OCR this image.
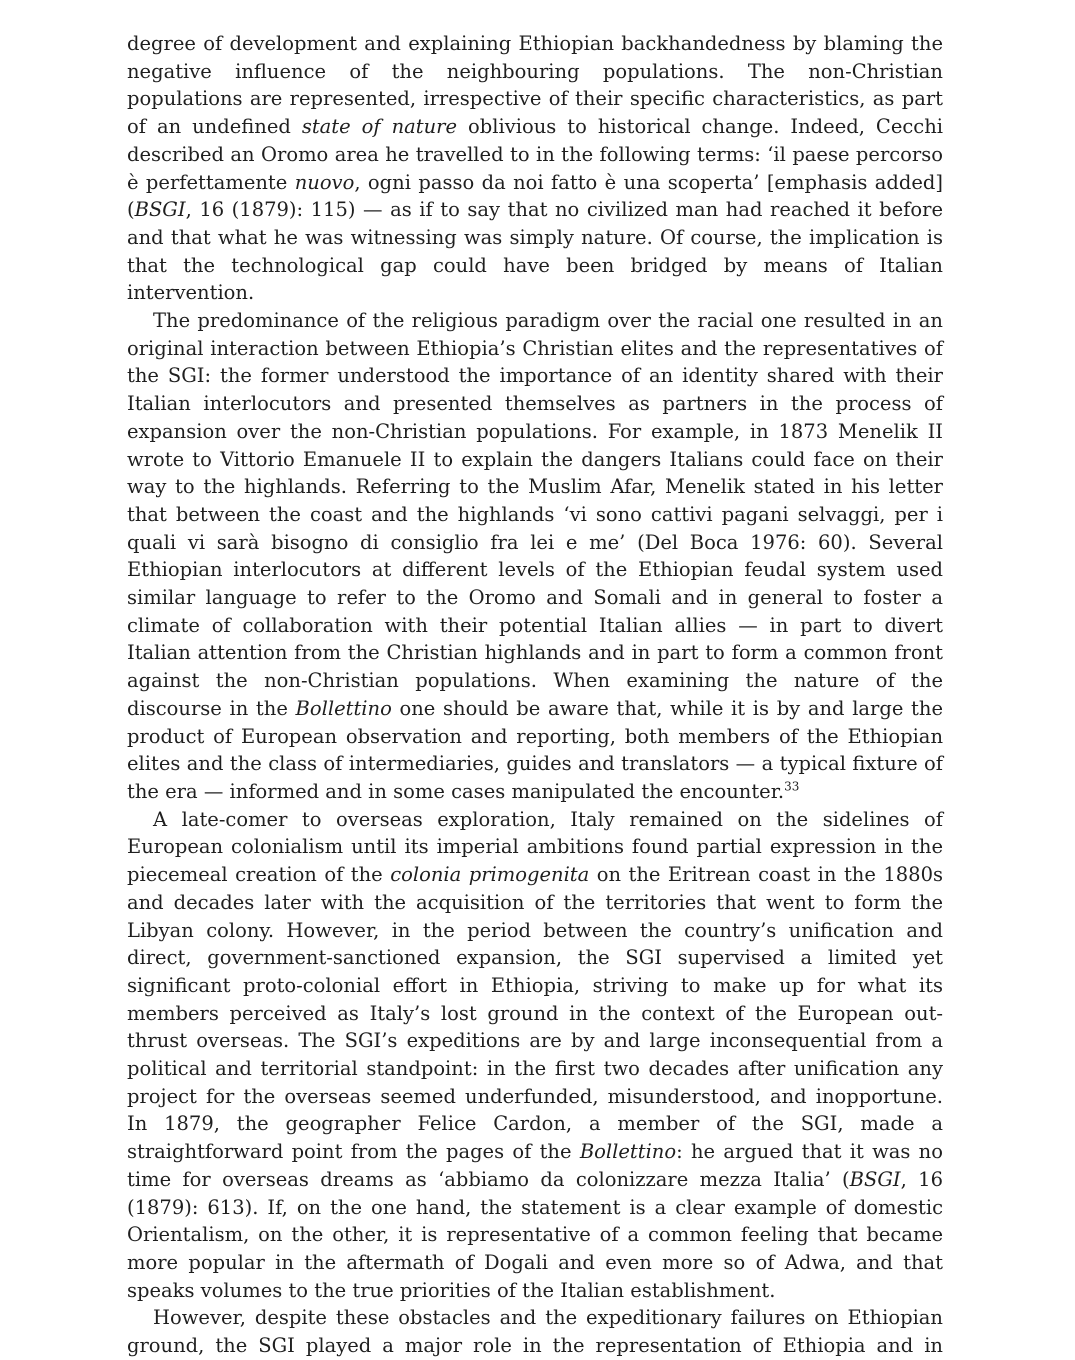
degree of development and explaining Ethiopian backhandedness by blaming the negative influence of the neighbouring populations. The non-Christian populations are represented, irrespective of their specific characteristics, as part of an undefined state of nature oblivious to historical change. Indeed, Cecchi described an Oromo area he travelled to in the following terms: ‘il paese percorso è perfettamente nuovo, ogni passo da noi fatto è una scoperta’ [emphasis added] (BSGI, 16 (1879): 115) — as if to say that no civilized man had reached it before and that what he was witnessing was simply nature. Of course, the implication is that the technological gap could have been bridged by means of Italian intervention.

The predominance of the religious paradigm over the racial one resulted in an original interaction between Ethiopia’s Christian elites and the representatives of the SGI: the former understood the importance of an identity shared with their Italian interlocutors and presented themselves as partners in the process of expansion over the non-Christian populations. For example, in 1873 Menelik II wrote to Vittorio Emanuele II to explain the dangers Italians could face on their way to the highlands. Referring to the Muslim Afar, Menelik stated in his letter that between the coast and the highlands ‘vi sono cattivi pagani selvaggi, per i quali vi sarà bisogno di consiglio fra lei e me’ (Del Boca 1976: 60). Several Ethiopian interlocutors at different levels of the Ethiopian feudal system used similar language to refer to the Oromo and Somali and in general to foster a climate of collaboration with their potential Italian allies — in part to divert Italian attention from the Christian highlands and in part to form a common front against the non-Christian populations. When examining the nature of the discourse in the Bollettino one should be aware that, while it is by and large the product of European observation and reporting, both members of the Ethiopian elites and the class of intermediaries, guides and translators — a typical fixture of the era — informed and in some cases manipulated the encounter.$^{33}$

A late-comer to overseas exploration, Italy remained on the sidelines of European colonialism until its imperial ambitions found partial expression in the piecemeal creation of the colonia primogenita on the Eritrean coast in the 1880s and decades later with the acquisition of the territories that went to form the Libyan colony. However, in the period between the country’s unification and direct, government-sanctioned expansion, the SGI supervised a limited yet significant proto-colonial effort in Ethiopia, striving to make up for what its members perceived as Italy’s lost ground in the context of the European out-thrust overseas. The SGI’s expeditions are by and large inconsequential from a political and territorial standpoint: in the first two decades after unification any project for the overseas seemed underfunded, misunderstood, and inopportune. In 1879, the geographer Felice Cardon, a member of the SGI, made a straightforward point from the pages of the Bollettino: he argued that it was no time for overseas dreams as ‘abbiamo da colonizzare mezza Italia’ (BSGI, 16 (1879): 613). If, on the one hand, the statement is a clear example of domestic Orientalism, on the other, it is representative of a common feeling that became more popular in the aftermath of Dogali and even more so of Adwa, and that speaks volumes to the true priorities of the Italian establishment.

However, despite these obstacles and the expeditionary failures on Ethiopian ground, the SGI played a major role in the representation of Ethiopia and in
